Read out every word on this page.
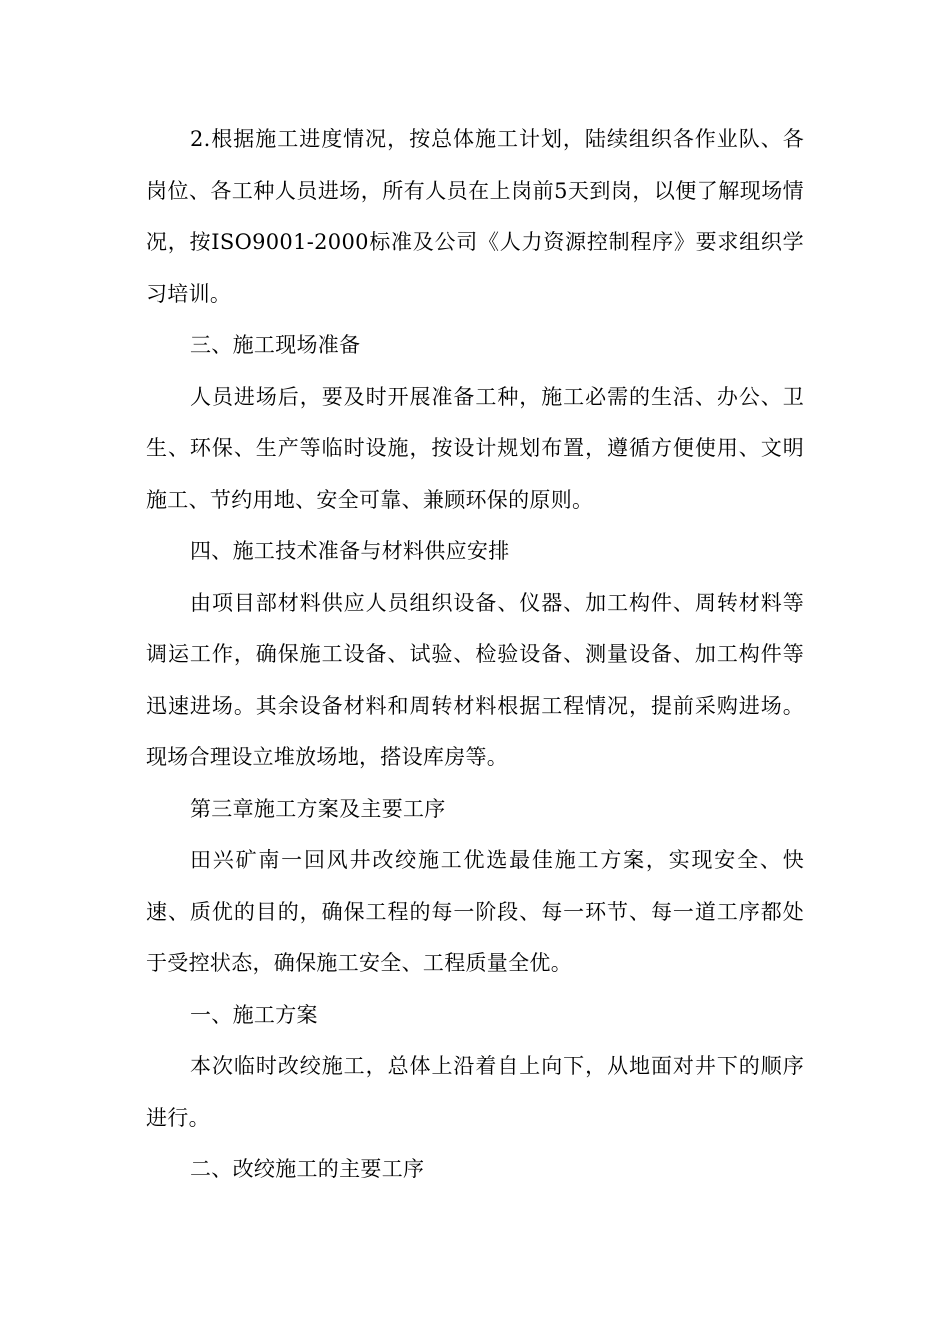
2.根据施工进度情况，按总体施工计划，陆续组织各作业队、各岗位、各工种人员进场，所有人员在上岗前5天到岗，以便了解现场情况，按ISO9001-2000标准及公司《人力资源控制程序》要求组织学习培训。

三、施工现场准备

人员进场后，要及时开展准备工种，施工必需的生活、办公、卫生、环保、生产等临时设施，按设计规划布置，遵循方便使用、文明施工、节约用地、安全可靠、兼顾环保的原则。

四、施工技术准备与材料供应安排

由项目部材料供应人员组织设备、仪器、加工构件、周转材料等调运工作，确保施工设备、试验、检验设备、测量设备、加工构件等迅速进场。其余设备材料和周转材料根据工程情况，提前采购进场。现场合理设立堆放场地，搭设库房等。

第三章施工方案及主要工序

田兴矿南一回风井改绞施工优选最佳施工方案，实现安全、快速、质优的目的，确保工程的每一阶段、每一环节、每一道工序都处于受控状态，确保施工安全、工程质量全优。

一、施工方案

本次临时改绞施工，总体上沿着自上向下，从地面对井下的顺序进行。

二、改绞施工的主要工序
